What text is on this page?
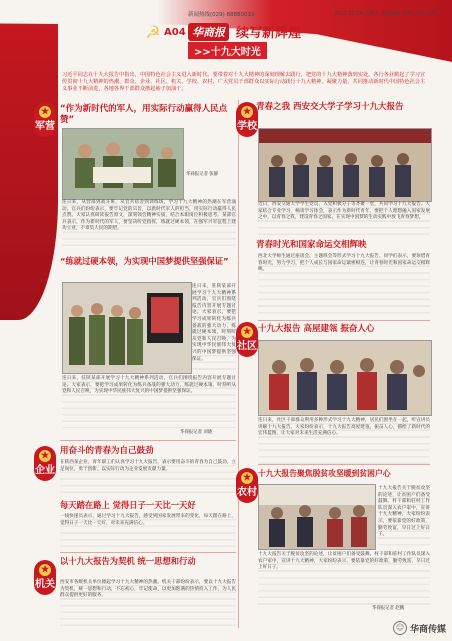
新闻热线(029) 88880033	2017.11.24 星期五 策划编辑 张晓 美编 刘博
☭ A04 华商报 续写新辉煌
>>十九大时光
习近平同志在十九大报告中指出，中国特色社会主义进入新时代。要带着对十九大精神的深刻理解去践行，把党的十九大精神落到实处。各行各业掀起了学习宣传贯彻十九大精神的热潮，群众、企业、社区、机关、学校、农村，广大党员干部群众以实际行动践行十九大精神，凝聚力量，共同推动新时代中国特色社会主义事业不断前进，各地各界干部群众撸起袖子加油干。
★
军营
“作为新时代的军人，用实际行动赢得人民点赞”
华商报记者 张静
连日来，从营部到战斗班，从官兵宿舍到训练场，学习十九大精神的热潮在军营涌动。官兵们纷纷表示，要牢记党的宗旨，以新时代军人的担当，用实际行动赢得人民点赞。大家认真研读报告原文，深刻领会精神实质，结合本职岗位积极思考。某部官兵表示，作为新时代的军人，要坚决听党指挥，练就过硬本领，在强军兴军征程上建功立业，不辜负人民的期望。
“练就过硬本领，为实现中国梦提供坚强保证”
连日来，驻陕某部开展学习十九大精神系列活动，官兵们围绕报告内容开展专题讨论。大家表示，要把学习成果转化为练兵备战的强大动力，练就过硬本领，时刻听从党和人民召唤，为实现中华民族伟大复兴的中国梦提供坚强保证。
连日来，驻陕某部开展学习十九大精神系列活动，官兵们围绕报告内容开展专题讨论。大家表示，要把学习成果转化为练兵备战的强大动力，练就过硬本领，时刻听从党和人民召唤，为实现中华民族伟大复兴的中国梦提供坚强保证。
华商报记者 刘晓
★
学校
青春之我 西安交大学子学习十九大报告
近日，西安交通大学学生党员、入党积极分子等齐聚一堂，共同学习十九大报告。大家结合专业学习，畅谈学习体会，表示作为新时代青年，要把个人理想融入国家发展之中，以青春之我，建设青春之国家，在实现中国梦的生动实践中放飞青春梦想。
青春时光和国家命运交相辉映
西北大学师生通过座谈会、主题班会等形式学习十九大报告。同学们表示，要珍惜青春时光，努力学习，把个人成长与国家命运紧密相连，让青春时光和国家命运交相辉映。
★
社区
十九大报告 高屋建瓴 振奋人心
连日来，社区干部群众利用多种形式学习十九大精神，居民们围坐在一起，听宣讲员讲解十九大报告。大家纷纷表示，十九大报告高屋建瓴、振奋人心，描绘了新时代的宏伟蓝图，让大家对未来生活充满信心。
★
企业
用奋斗的青春为自己鼓劲
在陕西某企业，青年职工们认真学习十九大报告，表示要用奋斗的青春为自己鼓劲，立足岗位，勇于创新，以实际行动为企业发展贡献力量。
每天踏在路上 觉得日子一天比一天好
一线快递员表示，通过学习十九大报告，感受到国家发展带来的变化，每天踏在路上，觉得日子一天比一天好，对未来充满信心。
★
农村
十九大报告聚焦脱贫攻坚暖到贫困户心
十九大报告关于脱贫攻坚的论述，让贫困户们备受鼓舞。村干部和驻村工作队员深入农户家中，宣讲十九大精神，大家纷纷表示，要依靠党的好政策，勤劳致富，早日过上好日子。
十九大报告关于脱贫攻坚的论述，让贫困户们备受鼓舞。村干部和驻村工作队员深入农户家中，宣讲十九大精神，大家纷纷表示，要依靠党的好政策，勤劳致富，早日过上好日子。
华商报记者 赵鹏
★
机关
以十九大报告为契机 统一思想和行动
西安市各级机关单位掀起学习十九大精神的热潮。机关干部纷纷表示，要以十九大报告为契机，统一思想和行动，不忘初心，牢记使命，以更加饱满的热情投入工作，为人民群众提供更好的服务。
☺ 华商传媒
